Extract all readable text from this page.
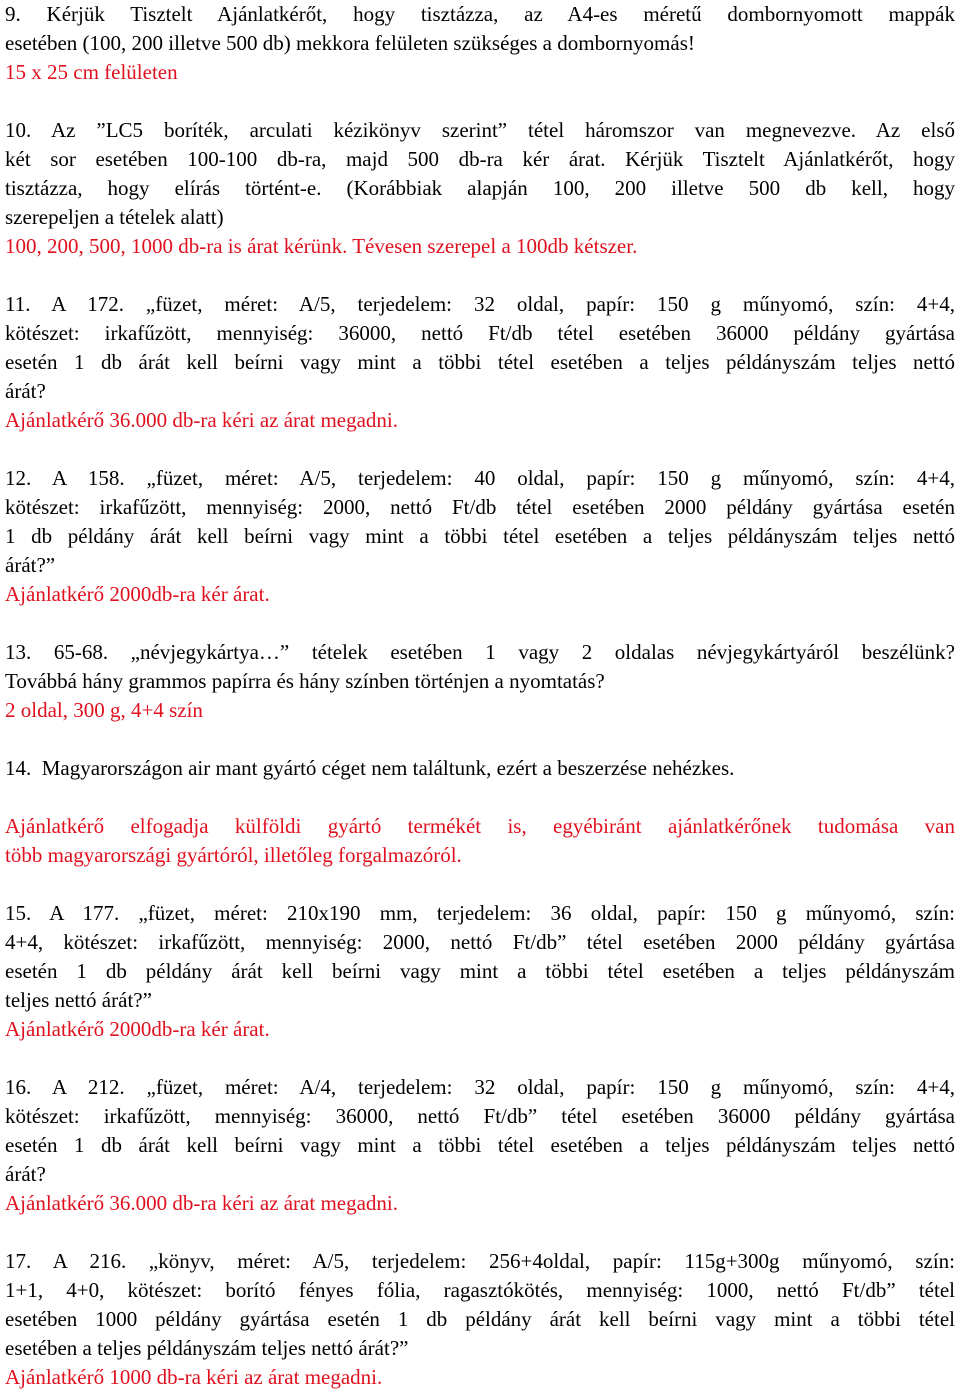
9. Kérjük Tisztelt Ajánlatkérőt, hogy tisztázza, az A4-es méretű dombornyomott mappák
esetében (100, 200 illetve 500 db) mekkora felületen szükséges a dombornyomás!
15 x 25 cm felületen
10. Az ”LC5 boríték, arculati kézikönyv szerint” tétel háromszor van megnevezve. Az első
két sor esetében 100-100 db-ra, majd 500 db-ra kér árat. Kérjük Tisztelt Ajánlatkérőt, hogy
tisztázza, hogy elírás történt-e. (Korábbiak alapján 100, 200 illetve 500 db kell, hogy
szerepeljen a tételek alatt)
100, 200, 500, 1000 db-ra is árat kérünk. Tévesen szerepel a 100db kétszer.
11. A 172. „füzet, méret: A/5, terjedelem: 32 oldal, papír: 150 g műnyomó, szín: 4+4,
kötészet: irkafűzött, mennyiség: 36000, nettó Ft/db tétel esetében 36000 példány gyártása
esetén 1 db árát kell beírni vagy mint a többi tétel esetében a teljes példányszám teljes nettó
árát?
Ajánlatkérő 36.000 db-ra kéri az árat megadni.
12. A 158. „füzet, méret: A/5, terjedelem: 40 oldal, papír: 150 g műnyomó, szín: 4+4,
kötészet: irkafűzött, mennyiség: 2000, nettó Ft/db tétel esetében 2000 példány gyártása esetén
1 db példány árát kell beírni vagy mint a többi tétel esetében a teljes példányszám teljes nettó
árát?”
Ajánlatkérő 2000db-ra kér árat.
13. 65-68. „névjegykártya…” tételek esetében 1 vagy 2 oldalas névjegykártyáról beszélünk?
Továbbá hány grammos papírra és hány színben történjen a nyomtatás?
2 oldal, 300 g, 4+4 szín
14.  Magyarországon air mant gyártó céget nem találtunk, ezért a beszerzése nehézkes.
Ajánlatkérő elfogadja külföldi gyártó termékét is, egyébiránt ajánlatkérőnek tudomása van
több magyarországi gyártóról, illetőleg forgalmazóról.
15. A 177. „füzet, méret: 210x190 mm, terjedelem: 36 oldal, papír: 150 g műnyomó, szín:
4+4, kötészet: irkafűzött, mennyiség: 2000, nettó Ft/db” tétel esetében 2000 példány gyártása
esetén 1 db példány árát kell beírni vagy mint a többi tétel esetében a teljes példányszám
teljes nettó árát?”
Ajánlatkérő 2000db-ra kér árat.
16. A 212. „füzet, méret: A/4, terjedelem: 32 oldal, papír: 150 g műnyomó, szín: 4+4,
kötészet: irkafűzött, mennyiség: 36000, nettó Ft/db” tétel esetében 36000 példány gyártása
esetén 1 db árát kell beírni vagy mint a többi tétel esetében a teljes példányszám teljes nettó
árát?
Ajánlatkérő 36.000 db-ra kéri az árat megadni.
17. A 216. „könyv, méret: A/5, terjedelem: 256+4oldal, papír: 115g+300g műnyomó, szín:
1+1, 4+0, kötészet: borító fényes fólia, ragasztókötés, mennyiség: 1000, nettó Ft/db” tétel
esetében 1000 példány gyártása esetén 1 db példány árát kell beírni vagy mint a többi tétel
esetében a teljes példányszám teljes nettó árát?”
Ajánlatkérő 1000 db-ra kéri az árat megadni.
